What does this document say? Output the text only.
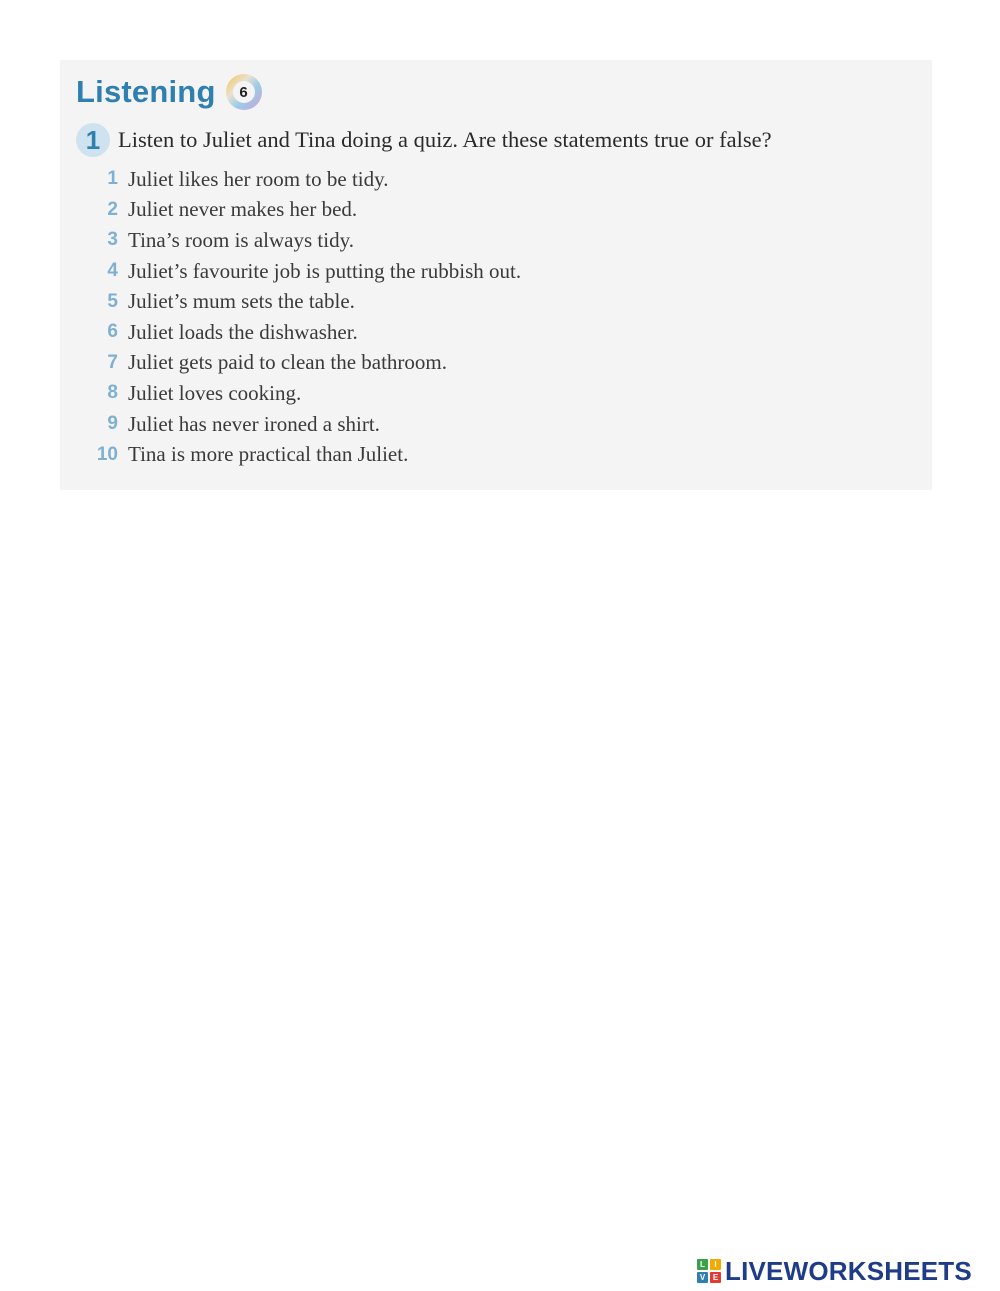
Listening	6
1 Listen to Juliet and Tina doing a quiz. Are these statements true or false?
1 Juliet likes her room to be tidy.
2 Juliet never makes her bed.
3 Tina’s room is always tidy.
4 Juliet’s favourite job is putting the rubbish out.
5 Juliet’s mum sets the table.
6 Juliet loads the dishwasher.
7 Juliet gets paid to clean the bathroom.
8 Juliet loves cooking.
9 Juliet has never ironed a shirt.
10 Tina is more practical than Juliet.
L	I
V E LIVEWORKSHEETS
